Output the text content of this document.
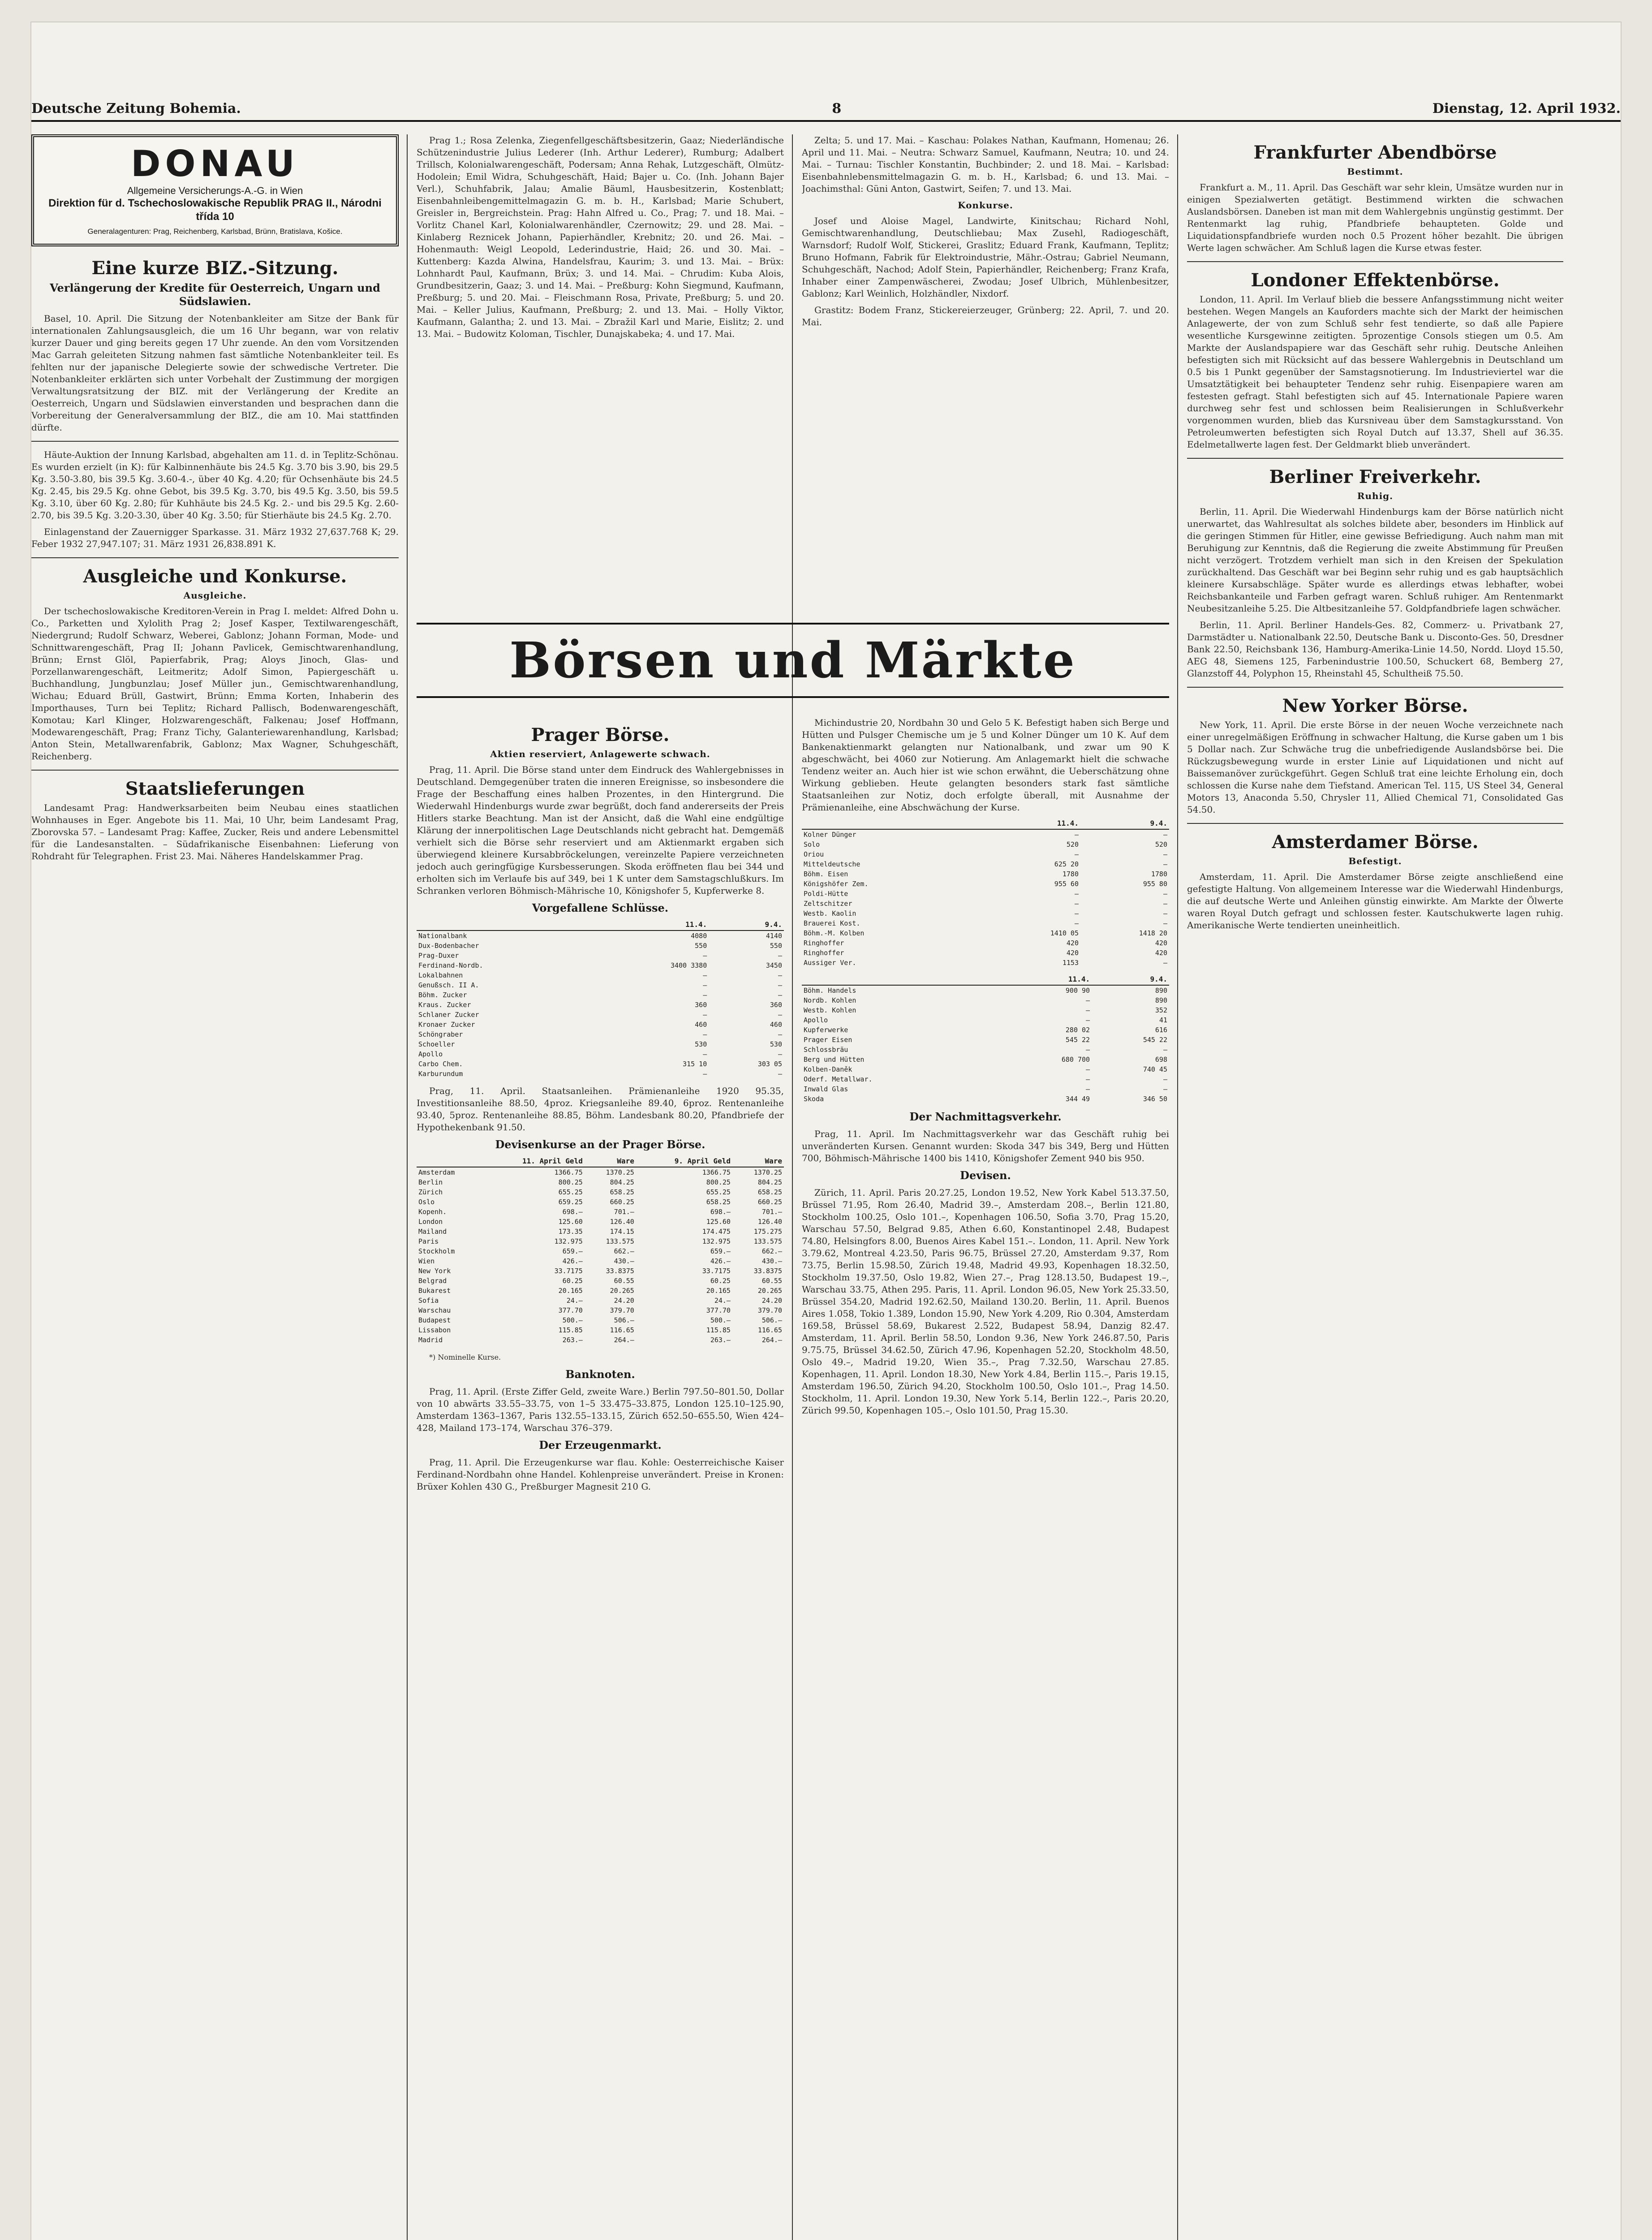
Deutsche Zeitung Bohemia.	8	Dienstag, 12. April 1932.
DONAU
Allgemeine Versicherungs-A.-G. in Wien
Direktion für d. Tschechoslowakische Republik PRAG II., Národni třída 10
Generalagenturen: Prag, Reichenberg, Karlsbad, Brünn, Bratislava, Košice.
Eine kurze BIZ.-Sitzung.
Verlängerung der Kredite für Oesterreich, Ungarn und Südslawien.

Basel, 10. April. Die Sitzung der Notenbankleiter am Sitze der Bank für internationalen Zahlungsausgleich, die um 16 Uhr begann, war von relativ kurzer Dauer und ging bereits gegen 17 Uhr zuende. An den vom Vorsitzenden Mac Garrah geleiteten Sitzung nahmen fast sämtliche Notenbankleiter teil. Es fehlten nur der japanische Delegierte sowie der schwedische Vertreter. Die Notenbankleiter erklärten sich unter Vorbehalt der Zustimmung der morgigen Verwaltungsratsitzung der BIZ. mit der Verlängerung der Kredite an Oesterreich, Ungarn und Südslawien einverstanden und besprachen dann die Vorbereitung der Generalversammlung der BIZ., die am 10. Mai stattfinden dürfte.

Häute-Auktion der Innung Karlsbad, abgehalten am 11. d. in Teplitz-Schönau. Es wurden erzielt (in K): für Kalbinnenhäute bis 24.5 Kg. 3.70 bis 3.90, bis 29.5 Kg. 3.50-3.80, bis 39.5 Kg. 3.60-4.-, über 40 Kg. 4.20; für Ochsenhäute bis 24.5 Kg. 2.45, bis 29.5 Kg. ohne Gebot, bis 39.5 Kg. 3.70, bis 49.5 Kg. 3.50, bis 59.5 Kg. 3.10, über 60 Kg. 2.80; für Kuhhäute bis 24.5 Kg. 2.- und bis 29.5 Kg. 2.60-2.70, bis 39.5 Kg. 3.20-3.30, über 40 Kg. 3.50; für Stierhäute bis 24.5 Kg. 2.70.

Einlagenstand der Zauernigger Sparkasse. 31. März 1932 27,637.768 K; 29. Feber 1932 27,947.107; 31. März 1931 26,838.891 K.

Ausgleiche und Konkurse.
Ausgleiche.

Der tschechoslowakische Kreditoren-Verein in Prag I. meldet: Alfred Dohn u. Co., Parketten und Xylolith Prag 2; Josef Kasper, Textilwarengeschäft, Niedergrund; Rudolf Schwarz, Weberei, Gablonz; Johann Forman, Mode- und Schnittwarengeschäft, Prag II; Johann Pavlicek, Gemischtwarenhandlung, Brünn; Ernst Glöl, Papierfabrik, Prag; Aloys Jinoch, Glas- und Porzellanwarengeschäft, Leitmeritz; Adolf Simon, Papiergeschäft u. Buchhandlung, Jungbunzlau; Josef Müller jun., Gemischtwarenhandlung, Wichau; Eduard Brüll, Gastwirt, Brünn; Emma Korten, Inhaberin des Importhauses, Turn bei Teplitz; Richard Pallisch, Bodenwarengeschäft, Komotau; Karl Klinger, Holzwarengeschäft, Falkenau; Josef Hoffmann, Modewarengeschäft, Prag; Franz Tichy, Galanteriewarenhandlung, Karlsbad; Anton Stein, Metallwarenfabrik, Gablonz; Max Wagner, Schuhgeschäft, Reichenberg.

Staatslieferungen

Landesamt Prag: Handwerksarbeiten beim Neubau eines staatlichen Wohnhauses in Eger. Angebote bis 11. Mai, 10 Uhr, beim Landesamt Prag, Zborovska 57. – Landesamt Prag: Kaffee, Zucker, Reis und andere Lebensmittel für die Landesanstalten. – Südafrikanische Eisenbahnen: Lieferung von Rohdraht für Telegraphen. Frist 23. Mai. Näheres Handelskammer Prag.

Prag 1.; Rosa Zelenka, Ziegenfellgeschäftsbesitzerin, Gaaz; Niederländische Schützenindustrie Julius Lederer (Inh. Arthur Lederer), Rumburg; Adalbert Trillsch, Kolonialwarengeschäft, Podersam; Anna Rehak, Lutzgeschäft, Olmütz-Hodolein; Emil Widra, Schuhgeschäft, Haid; Bajer u. Co. (Inh. Johann Bajer Verl.), Schuhfabrik, Jalau; Amalie Bäuml, Hausbesitzerin, Kostenblatt; Eisenbahnleibengemittelmagazin G. m. b. H., Karlsbad; Marie Schubert, Greisler in, Bergreichstein. Prag: Hahn Alfred u. Co., Prag; 7. und 18. Mai. – Vorlitz Chanel Karl, Kolonialwarenhändler, Czernowitz; 29. und 28. Mai. – Kinlaberg Reznicek Johann, Papierhändler, Krebnitz; 20. und 26. Mai. – Hohenmauth: Weigl Leopold, Lederindustrie, Haid; 26. und 30. Mai. – Kuttenberg: Kazda Alwina, Handelsfrau, Kaurim; 3. und 13. Mai. – Brüx: Lohnhardt Paul, Kaufmann, Brüx; 3. und 14. Mai. – Chrudim: Kuba Alois, Grundbesitzerin, Gaaz; 3. und 14. Mai. – Preßburg: Kohn Siegmund, Kaufmann, Preßburg; 5. und 20. Mai. – Fleischmann Rosa, Private, Preßburg; 5. und 20. Mai. – Keller Julius, Kaufmann, Preßburg; 2. und 13. Mai. – Holly Viktor, Kaufmann, Galantha; 2. und 13. Mai. – Zbražil Karl und Marie, Eislitz; 2. und 13. Mai. – Budowitz Koloman, Tischler, Dunajskabeka; 4. und 17. Mai.

Zelta; 5. und 17. Mai. – Kaschau: Polakes Nathan, Kaufmann, Homenau; 26. April und 11. Mai. – Neutra: Schwarz Samuel, Kaufmann, Neutra; 10. und 24. Mai. – Turnau: Tischler Konstantin, Buchbinder; 2. und 18. Mai. – Karlsbad: Eisenbahnlebensmittelmagazin G. m. b. H., Karlsbad; 6. und 13. Mai. – Joachimsthal: Güni Anton, Gastwirt, Seifen; 7. und 13. Mai.

Konkurse.

Josef und Aloise Magel, Landwirte, Kinitschau; Richard Nohl, Gemischtwarenhandlung, Deutschliebau; Max Zusehl, Radiogeschäft, Warnsdorf; Rudolf Wolf, Stickerei, Graslitz; Eduard Frank, Kaufmann, Teplitz; Bruno Hofmann, Fabrik für Elektroindustrie, Mähr.-Ostrau; Gabriel Neumann, Schuhgeschäft, Nachod; Adolf Stein, Papierhändler, Reichenberg; Franz Krafa, Inhaber einer Zampenwäscherei, Zwodau; Josef Ulbrich, Mühlenbesitzer, Gablonz; Karl Weinlich, Holzhändler, Nixdorf.

Grastitz: Bodem Franz, Stickereierzeuger, Grünberg; 22. April, 7. und 20. Mai.

Börsen und Märkte
Prager Börse.
Aktien reserviert, Anlagewerte schwach.

Prag, 11. April. Die Börse stand unter dem Eindruck des Wahlergebnisses in Deutschland. Demgegenüber traten die inneren Ereignisse, so insbesondere die Frage der Beschaffung eines halben Prozentes, in den Hintergrund. Die Wiederwahl Hindenburgs wurde zwar begrüßt, doch fand andererseits der Preis Hitlers starke Beachtung. Man ist der Ansicht, daß die Wahl eine endgültige Klärung der innerpolitischen Lage Deutschlands nicht gebracht hat. Demgemäß verhielt sich die Börse sehr reserviert und am Aktienmarkt ergaben sich überwiegend kleinere Kursabbröckelungen, vereinzelte Papiere verzeichneten jedoch auch geringfügige Kursbesserungen. Skoda eröffneten flau bei 344 und erholten sich im Verlaufe bis auf 349, bei 1 K unter dem Samstagschlußkurs. Im Schranken verloren Böhmisch-Mährische 10, Königshofer 5, Kupferwerke 8.

Vorgefallene Schlüsse.
	11.4.	9.4.
Nationalbank	4080	4140
Dux-Bodenbacher	550	550
Prag-Duxer	–	–
Ferdinand-Nordb.	3400 3380	3450
Lokalbahnen	–	–
Genußsch. II A.	–	–
Böhm. Zucker	–	–
Kraus. Zucker	360	360
Schlaner Zucker	–	–
Kronaer Zucker	460	460
Schöngraber	–	–
Schoeller	530	530
Apollo	–	–
Carbo Chem.	315 10	303 05
Karburundum	–	–

Prag, 11. April. Staatsanleihen. Prämienanleihe 1920 95.35, Investitionsanleihe 88.50, 4proz. Kriegsanleihe 89.40, 6proz. Rentenanleihe 93.40, 5proz. Rentenanleihe 88.85, Böhm. Landesbank 80.20, Pfandbriefe der Hypothekenbank 91.50.

Devisenkurse an der Prager Börse.
	11. April Geld	Ware	9. April Geld	Ware
Amsterdam	1366.75	1370.25	1366.75	1370.25
Berlin	800.25	804.25	800.25	804.25
Zürich	655.25	658.25	655.25	658.25
Oslo	659.25	660.25	658.25	660.25
Kopenh.	698.–	701.–	698.–	701.–
London	125.60	126.40	125.60	126.40
Mailand	173.35	174.15	174.475	175.275
Paris	132.975	133.575	132.975	133.575
Stockholm	659.–	662.–	659.–	662.–
Wien	426.–	430.–	426.–	430.–
New York	33.7175	33.8375	33.7175	33.8375
Belgrad	60.25	60.55	60.25	60.55
Bukarest	20.165	20.265	20.165	20.265
Sofia	24.–	24.20	24.–	24.20
Warschau	377.70	379.70	377.70	379.70
Budapest	500.–	506.–	500.–	506.–
Lissabon	115.85	116.65	115.85	116.65
Madrid	263.–	264.–	263.–	264.–

*) Nominelle Kurse.

Banknoten.

Prag, 11. April. (Erste Ziffer Geld, zweite Ware.) Berlin 797.50–801.50, Dollar von 10 abwärts 33.55–33.75, von 1–5 33.475–33.875, London 125.10–125.90, Amsterdam 1363–1367, Paris 132.55–133.15, Zürich 652.50–655.50, Wien 424–428, Mailand 173–174, Warschau 376–379.

Der Erzeugenmarkt.

Prag, 11. April. Die Erzeugenkurse war flau. Kohle: Oesterreichische Kaiser Ferdinand-Nordbahn ohne Handel. Kohlenpreise unverändert. Preise in Kronen: Brüxer Kohlen 430 G., Preßburger Magnesit 210 G.

Michindustrie 20, Nordbahn 30 und Gelo 5 K. Befestigt haben sich Berge und Hütten und Pulsger Chemische um je 5 und Kolner Dünger um 10 K. Auf dem Bankenaktienmarkt gelangten nur Nationalbank, und zwar um 90 K abgeschwächt, bei 4060 zur Notierung. Am Anlagemarkt hielt die schwache Tendenz weiter an. Auch hier ist wie schon erwähnt, die Ueberschätzung ohne Wirkung geblieben. Heute gelangten besonders stark fast sämtliche Staatsanleihen zur Notiz, doch erfolgte überall, mit Ausnahme der Prämienanleihe, eine Abschwächung der Kurse.

	11.4.	9.4.
Kolner Dünger	–	–
Solo	520	520
Oriou	–	–
Mitteldeutsche	625 20	–
Böhm. Eisen	1780	1780
Königshöfer Zem.	955 60	955 80
Poldi-Hütte	–	–
Zeltschitzer	–	–
Westb. Kaolin	–	–
Brauerei Kost.	–	–
Böhm.-M. Kolben	1410 05	1418 20
Ringhoffer	420	420
Ringhoffer	420	420
Aussiger Ver.	1153	–
	11.4.	9.4.
Böhm. Handels	900 90	890
Nordb. Kohlen	–	890
Westb. Kohlen	–	352
Apollo	–	41
Kupferwerke	280 02	616
Prager Eisen	545 22	545 22
Schlossbräu	–	–
Berg und Hütten	680 700	698
Kolben-Daněk	–	740 45
Oderf. Metallwar.	–	–
Inwald Glas	–	–
Skoda	344 49	346 50
Der Nachmittagsverkehr.

Prag, 11. April. Im Nachmittagsverkehr war das Geschäft ruhig bei unveränderten Kursen. Genannt wurden: Skoda 347 bis 349, Berg und Hütten 700, Böhmisch-Mährische 1400 bis 1410, Königshofer Zement 940 bis 950.

Devisen.

Zürich, 11. April. Paris 20.27.25, London 19.52, New York Kabel 513.37.50, Brüssel 71.95, Rom 26.40, Madrid 39.–, Amsterdam 208.–, Berlin 121.80, Stockholm 100.25, Oslo 101.–, Kopenhagen 106.50, Sofia 3.70, Prag 15.20, Warschau 57.50, Belgrad 9.85, Athen 6.60, Konstantinopel 2.48, Budapest 74.80, Helsingfors 8.00, Buenos Aires Kabel 151.–. London, 11. April. New York 3.79.62, Montreal 4.23.50, Paris 96.75, Brüssel 27.20, Amsterdam 9.37, Rom 73.75, Berlin 15.98.50, Zürich 19.48, Madrid 49.93, Kopenhagen 18.32.50, Stockholm 19.37.50, Oslo 19.82, Wien 27.–, Prag 128.13.50, Budapest 19.–, Warschau 33.75, Athen 295. Paris, 11. April. London 96.05, New York 25.33.50, Brüssel 354.20, Madrid 192.62.50, Mailand 130.20. Berlin, 11. April. Buenos Aires 1.058, Tokio 1.389, London 15.90, New York 4.209, Rio 0.304, Amsterdam 169.58, Brüssel 58.69, Bukarest 2.522, Budapest 58.94, Danzig 82.47. Amsterdam, 11. April. Berlin 58.50, London 9.36, New York 246.87.50, Paris 9.75.75, Brüssel 34.62.50, Zürich 47.96, Kopenhagen 52.20, Stockholm 48.50, Oslo 49.–, Madrid 19.20, Wien 35.–, Prag 7.32.50, Warschau 27.85. Kopenhagen, 11. April. London 18.30, New York 4.84, Berlin 115.–, Paris 19.15, Amsterdam 196.50, Zürich 94.20, Stockholm 100.50, Oslo 101.–, Prag 14.50. Stockholm, 11. April. London 19.30, New York 5.14, Berlin 122.–, Paris 20.20, Zürich 99.50, Kopenhagen 105.–, Oslo 101.50, Prag 15.30.

Frankfurter Abendbörse
Bestimmt.

Frankfurt a. M., 11. April. Das Geschäft war sehr klein, Umsätze wurden nur in einigen Spezialwerten getätigt. Bestimmend wirkten die schwachen Auslandsbörsen. Daneben ist man mit dem Wahlergebnis ungünstig gestimmt. Der Rentenmarkt lag ruhig, Pfandbriefe behaupteten. Golde und Liquidationspfandbriefe wurden noch 0.5 Prozent höher bezahlt. Die übrigen Werte lagen schwächer. Am Schluß lagen die Kurse etwas fester.

Londoner Effektenbörse.

London, 11. April. Im Verlauf blieb die bessere Anfangsstimmung nicht weiter bestehen. Wegen Mangels an Kauforders machte sich der Markt der heimischen Anlagewerte, der von zum Schluß sehr fest tendierte, so daß alle Papiere wesentliche Kursgewinne zeitigten. 5prozentige Consols stiegen um 0.5. Am Markte der Auslandspapiere war das Geschäft sehr ruhig. Deutsche Anleihen befestigten sich mit Rücksicht auf das bessere Wahlergebnis in Deutschland um 0.5 bis 1 Punkt gegenüber der Samstagsnotierung. Im Industrieviertel war die Umsatztätigkeit bei behaupteter Tendenz sehr ruhig. Eisenpapiere waren am festesten gefragt. Stahl befestigten sich auf 45. Internationale Papiere waren durchweg sehr fest und schlossen beim Realisierungen in Schlußverkehr vorgenommen wurden, blieb das Kursniveau über dem Samstagkursstand. Von Petroleumwerten befestigten sich Royal Dutch auf 13.37, Shell auf 36.35. Edelmetallwerte lagen fest. Der Geldmarkt blieb unverändert.

Berliner Freiverkehr.
Ruhig.

Berlin, 11. April. Die Wiederwahl Hindenburgs kam der Börse natürlich nicht unerwartet, das Wahlresultat als solches bildete aber, besonders im Hinblick auf die geringen Stimmen für Hitler, eine gewisse Befriedigung. Auch nahm man mit Beruhigung zur Kenntnis, daß die Regierung die zweite Abstimmung für Preußen nicht verzögert. Trotzdem verhielt man sich in den Kreisen der Spekulation zurückhaltend. Das Geschäft war bei Beginn sehr ruhig und es gab hauptsächlich kleinere Kursabschläge. Später wurde es allerdings etwas lebhafter, wobei Reichsbankanteile und Farben gefragt waren. Schluß ruhiger. Am Rentenmarkt Neubesitzanleihe 5.25. Die Altbesitzanleihe 57. Goldpfandbriefe lagen schwächer.

Berlin, 11. April. Berliner Handels-Ges. 82, Commerz- u. Privatbank 27, Darmstädter u. Nationalbank 22.50, Deutsche Bank u. Disconto-Ges. 50, Dresdner Bank 22.50, Reichsbank 136, Hamburg-Amerika-Linie 14.50, Nordd. Lloyd 15.50, AEG 48, Siemens 125, Farbenindustrie 100.50, Schuckert 68, Bemberg 27, Glanzstoff 44, Polyphon 15, Rheinstahl 45, Schultheiß 75.50.

New Yorker Börse.

New York, 11. April. Die erste Börse in der neuen Woche verzeichnete nach einer unregelmäßigen Eröffnung in schwacher Haltung, die Kurse gaben um 1 bis 5 Dollar nach. Zur Schwäche trug die unbefriedigende Auslandsbörse bei. Die Rückzugsbewegung wurde in erster Linie auf Liquidationen und nicht auf Baissemanöver zurückgeführt. Gegen Schluß trat eine leichte Erholung ein, doch schlossen die Kurse nahe dem Tiefstand. American Tel. 115, US Steel 34, General Motors 13, Anaconda 5.50, Chrysler 11, Allied Chemical 71, Consolidated Gas 54.50.

Amsterdamer Börse.
Befestigt.

Amsterdam, 11. April. Die Amsterdamer Börse zeigte anschließend eine gefestigte Haltung. Von allgemeinem Interesse war die Wiederwahl Hindenburgs, die auf deutsche Werte und Anleihen günstig einwirkte. Am Markte der Ölwerte waren Royal Dutch gefragt und schlossen fester. Kautschukwerte lagen ruhig. Amerikanische Werte tendierten uneinheitlich.
